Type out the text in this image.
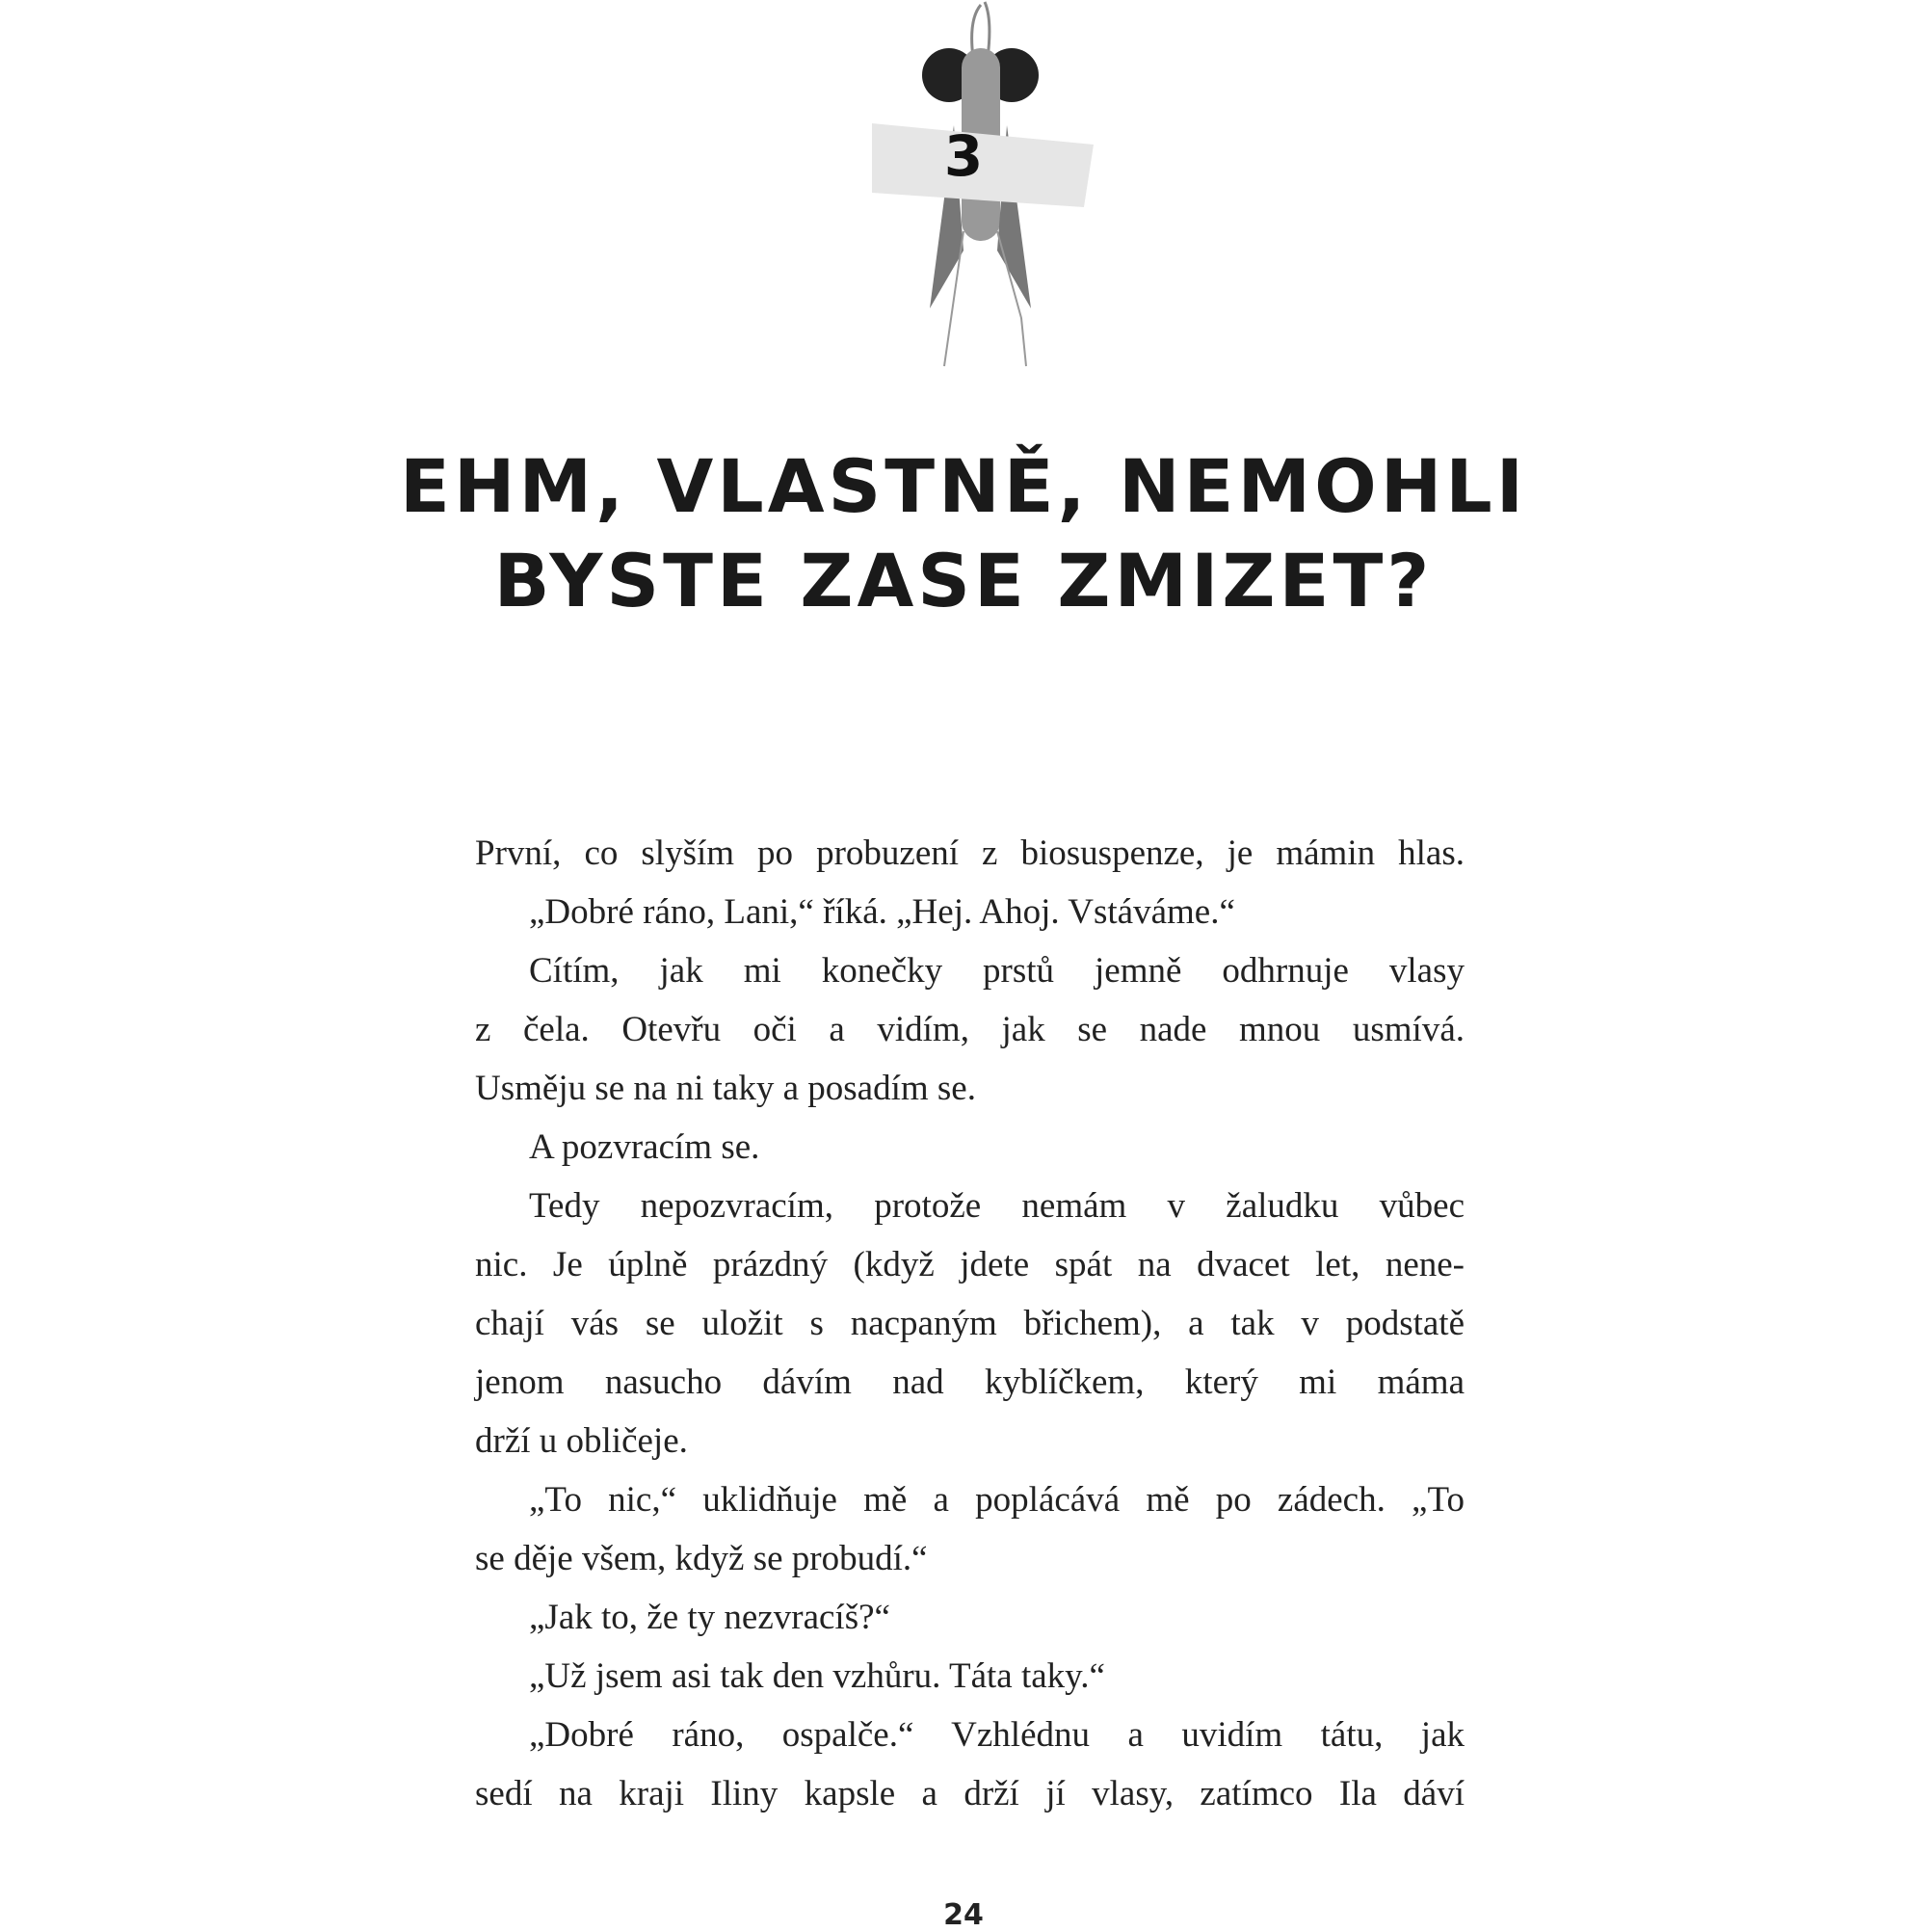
3
EHM, VLASTNĚ, NEMOHLI
BYSTE ZASE ZMIZET?
První, co slyším po probuzení z biosuspenze, je mámin hlas.
„Dobré ráno, Lani,“ říká. „Hej. Ahoj. Vstáváme.“
Cítím, jak mi konečky prstů jemně odhrnuje vlasy
z čela. Otevřu oči a vidím, jak se nade mnou usmívá.
Usměju se na ni taky a posadím se.
A pozvracím se.
Tedy nepozvracím, protože nemám v žaludku vůbec
nic. Je úplně prázdný (když jdete spát na dvacet let, nene-
chají vás se uložit s nacpaným břichem), a tak v podstatě
jenom nasucho dávím nad kyblíčkem, který mi máma
drží u obličeje.
„To nic,“ uklidňuje mě a poplácává mě po zádech. „To
se děje všem, když se probudí.“
„Jak to, že ty nezvracíš?“
„Už jsem asi tak den vzhůru. Táta taky.“
„Dobré ráno, ospalče.“ Vzhlédnu a uvidím tátu, jak
sedí na kraji Iliny kapsle a drží jí vlasy, zatímco Ila dáví
24
